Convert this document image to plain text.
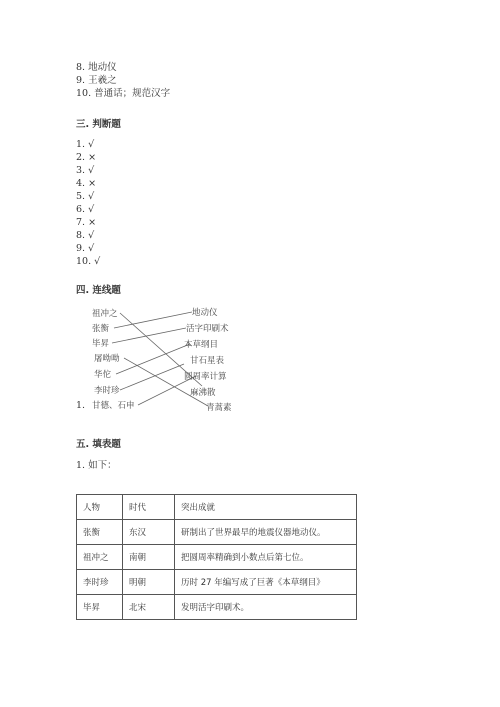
8. 地动仪
9. 王羲之
10. 普通话；规范汉字
三. 判断题
1. √
2. ×
3. √
4. ×
5. √
6. √
7. ×
8. √
9. √
10. √
四. 连线题
1.
祖冲之
张衡
毕昇
屠呦呦
华佗
李时珍
甘德、石申
地动仪
活字印刷术
本草纲目
甘石星表
圆周率计算
麻沸散
青蒿素
五. 填表题
1. 如下：
人物	时代	突出成就
张衡	东汉	研制出了世界最早的地震仪器地动仪。
祖冲之	南朝	把圆周率精确到小数点后第七位。
李时珍	明朝	历时 27 年编写成了巨著《本草纲目》
毕昇	北宋	发明活字印刷术。
